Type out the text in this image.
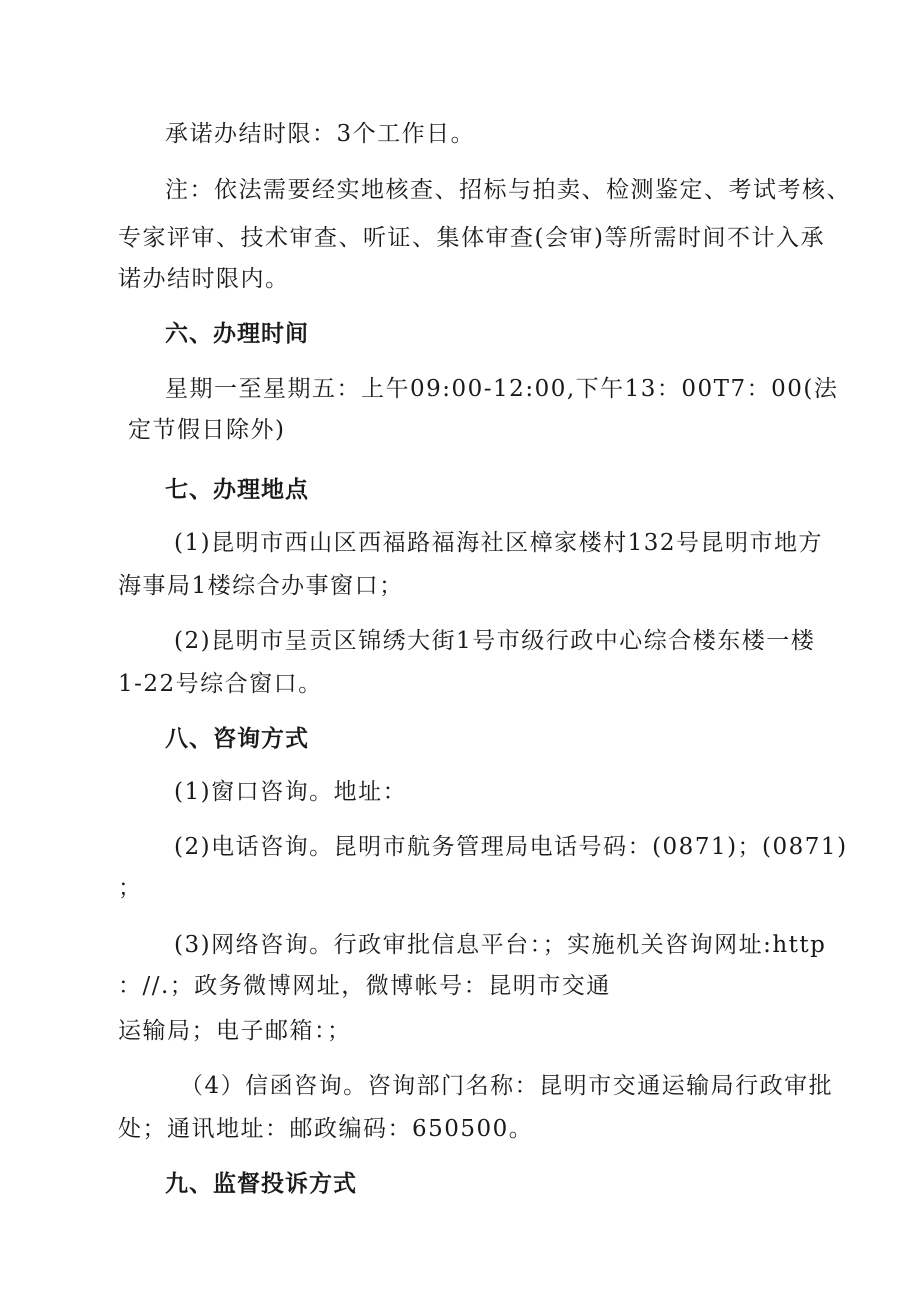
承诺办结时限：3个工作日。
注：依法需要经实地核查、招标与拍卖、检测鉴定、考试考核、
专家评审、技术审查、听证、集体审查(会审)等所需时间不计入承
诺办结时限内。
六、办理时间
星期一至星期五：上午09:00-12:00,下午13：00T7：00(法
定节假日除外)
七、办理地点
(1)昆明市西山区西福路福海社区樟家楼村132号昆明市地方
海事局1楼综合办事窗口；
(2)昆明市呈贡区锦绣大街1号市级行政中心综合楼东楼一楼
1-22号综合窗口。
八、咨询方式
(1)窗口咨询。地址：
(2)电话咨询。昆明市航务管理局电话号码：(0871)；(0871)
；
(3)网络咨询。行政审批信息平台：；实施机关咨询网址:http
：//.；政务微博网址，微博帐号：昆明市交通
运输局；电子邮箱：；
（4）信函咨询。咨询部门名称：昆明市交通运输局行政审批
处；通讯地址：邮政编码：650500。
九、监督投诉方式
